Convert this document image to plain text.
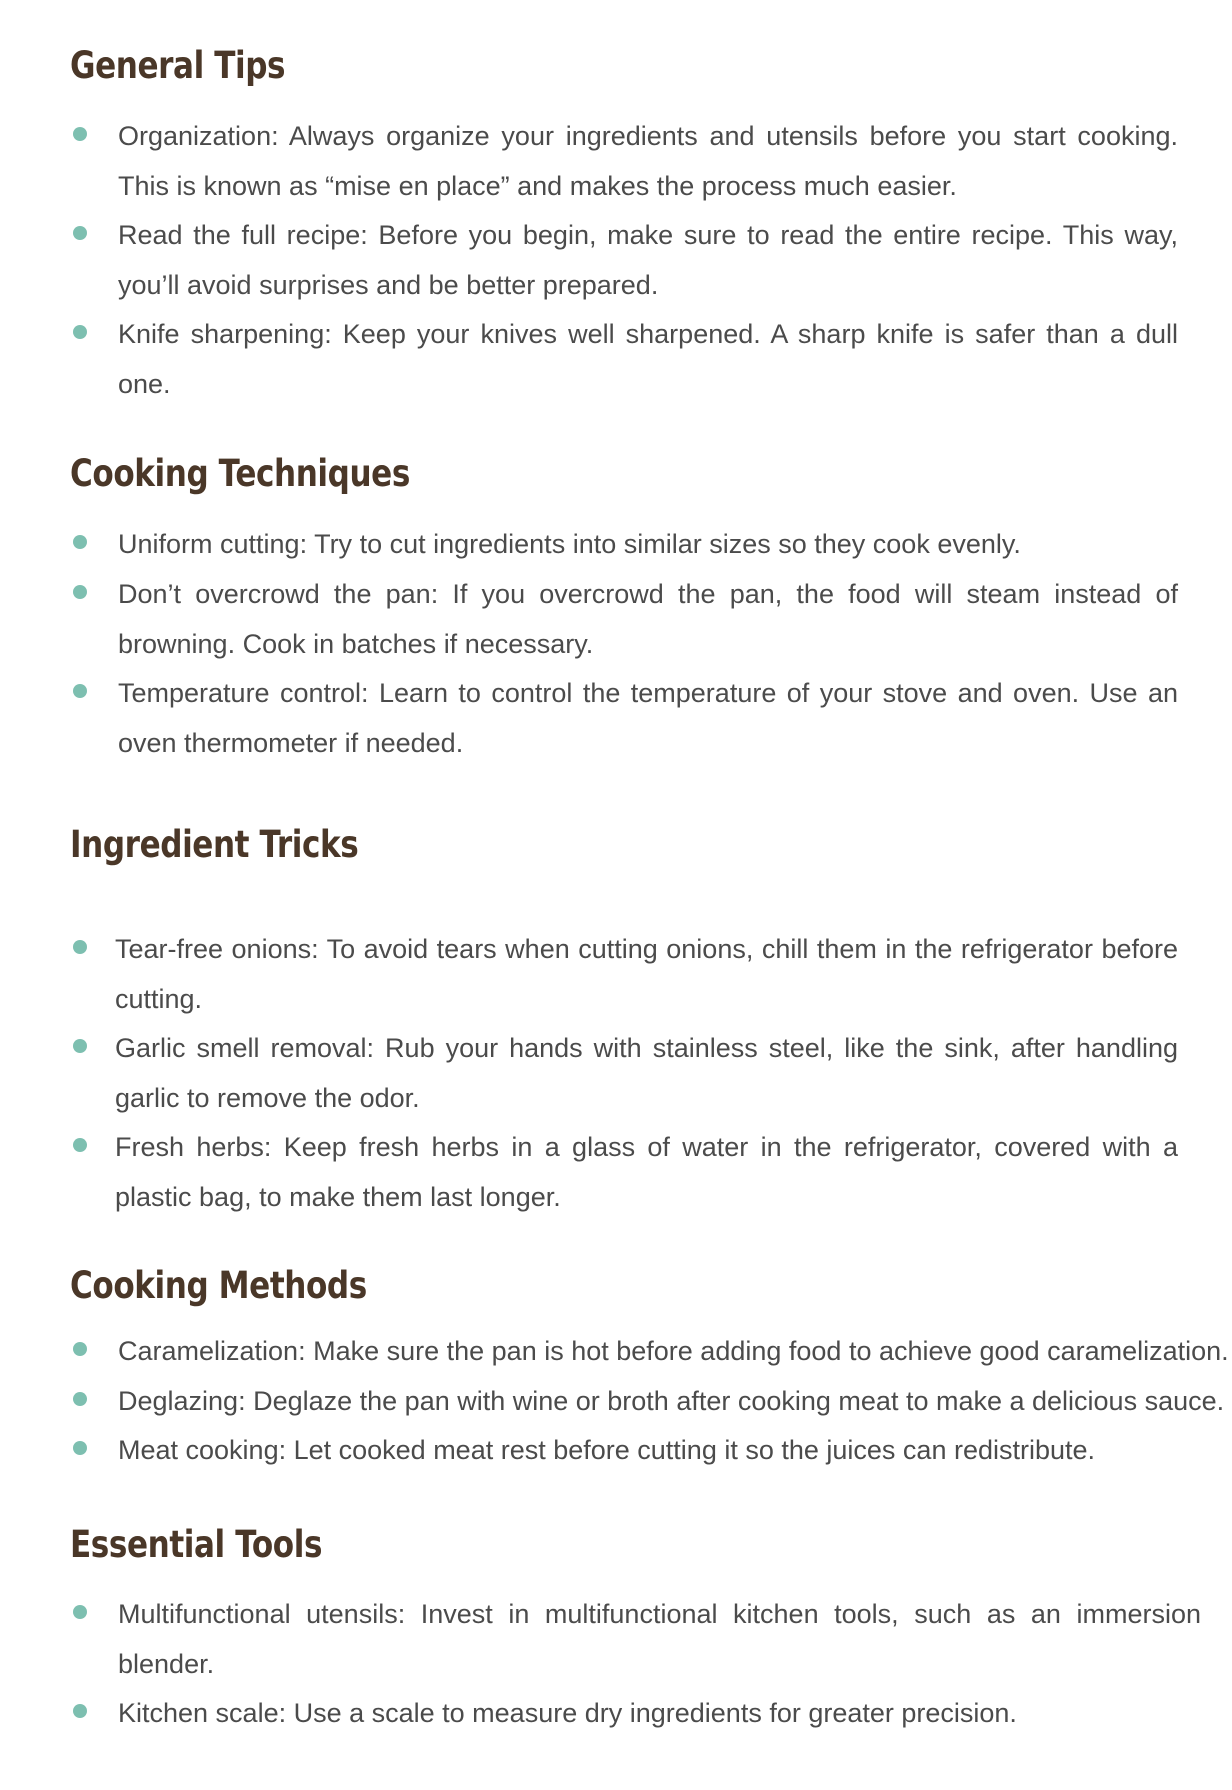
General Tips

Organization: Always organize your ingredients and utensils before you start cooking. This is known as “mise en place” and makes the process much easier.

Read the full recipe: Before you begin, make sure to read the entire recipe. This way, you’ll avoid surprises and be better prepared.

Knife sharpening: Keep your knives well sharpened. A sharp knife is safer than a dull one.

Cooking Techniques

Uniform cutting: Try to cut ingredients into similar sizes so they cook evenly.

Don’t overcrowd the pan: If you overcrowd the pan, the food will steam instead of browning. Cook in batches if necessary.

Temperature control: Learn to control the temperature of your stove and oven. Use an oven thermometer if needed.

Ingredient Tricks

Tear-free onions: To avoid tears when cutting onions, chill them in the refrigerator before cutting.

Garlic smell removal: Rub your hands with stainless steel, like the sink, after handling garlic to remove the odor.

Fresh herbs: Keep fresh herbs in a glass of water in the refrigerator, covered with a plastic bag, to make them last longer.

Cooking Methods

Caramelization: Make sure the pan is hot before adding food to achieve good caramelization.

Deglazing: Deglaze the pan with wine or broth after cooking meat to make a delicious sauce.

Meat cooking: Let cooked meat rest before cutting it so the juices can redistribute.

Essential Tools

Multifunctional utensils: Invest in multifunctional kitchen tools, such as an immersion blender.

Kitchen scale: Use a scale to measure dry ingredients for greater precision.
